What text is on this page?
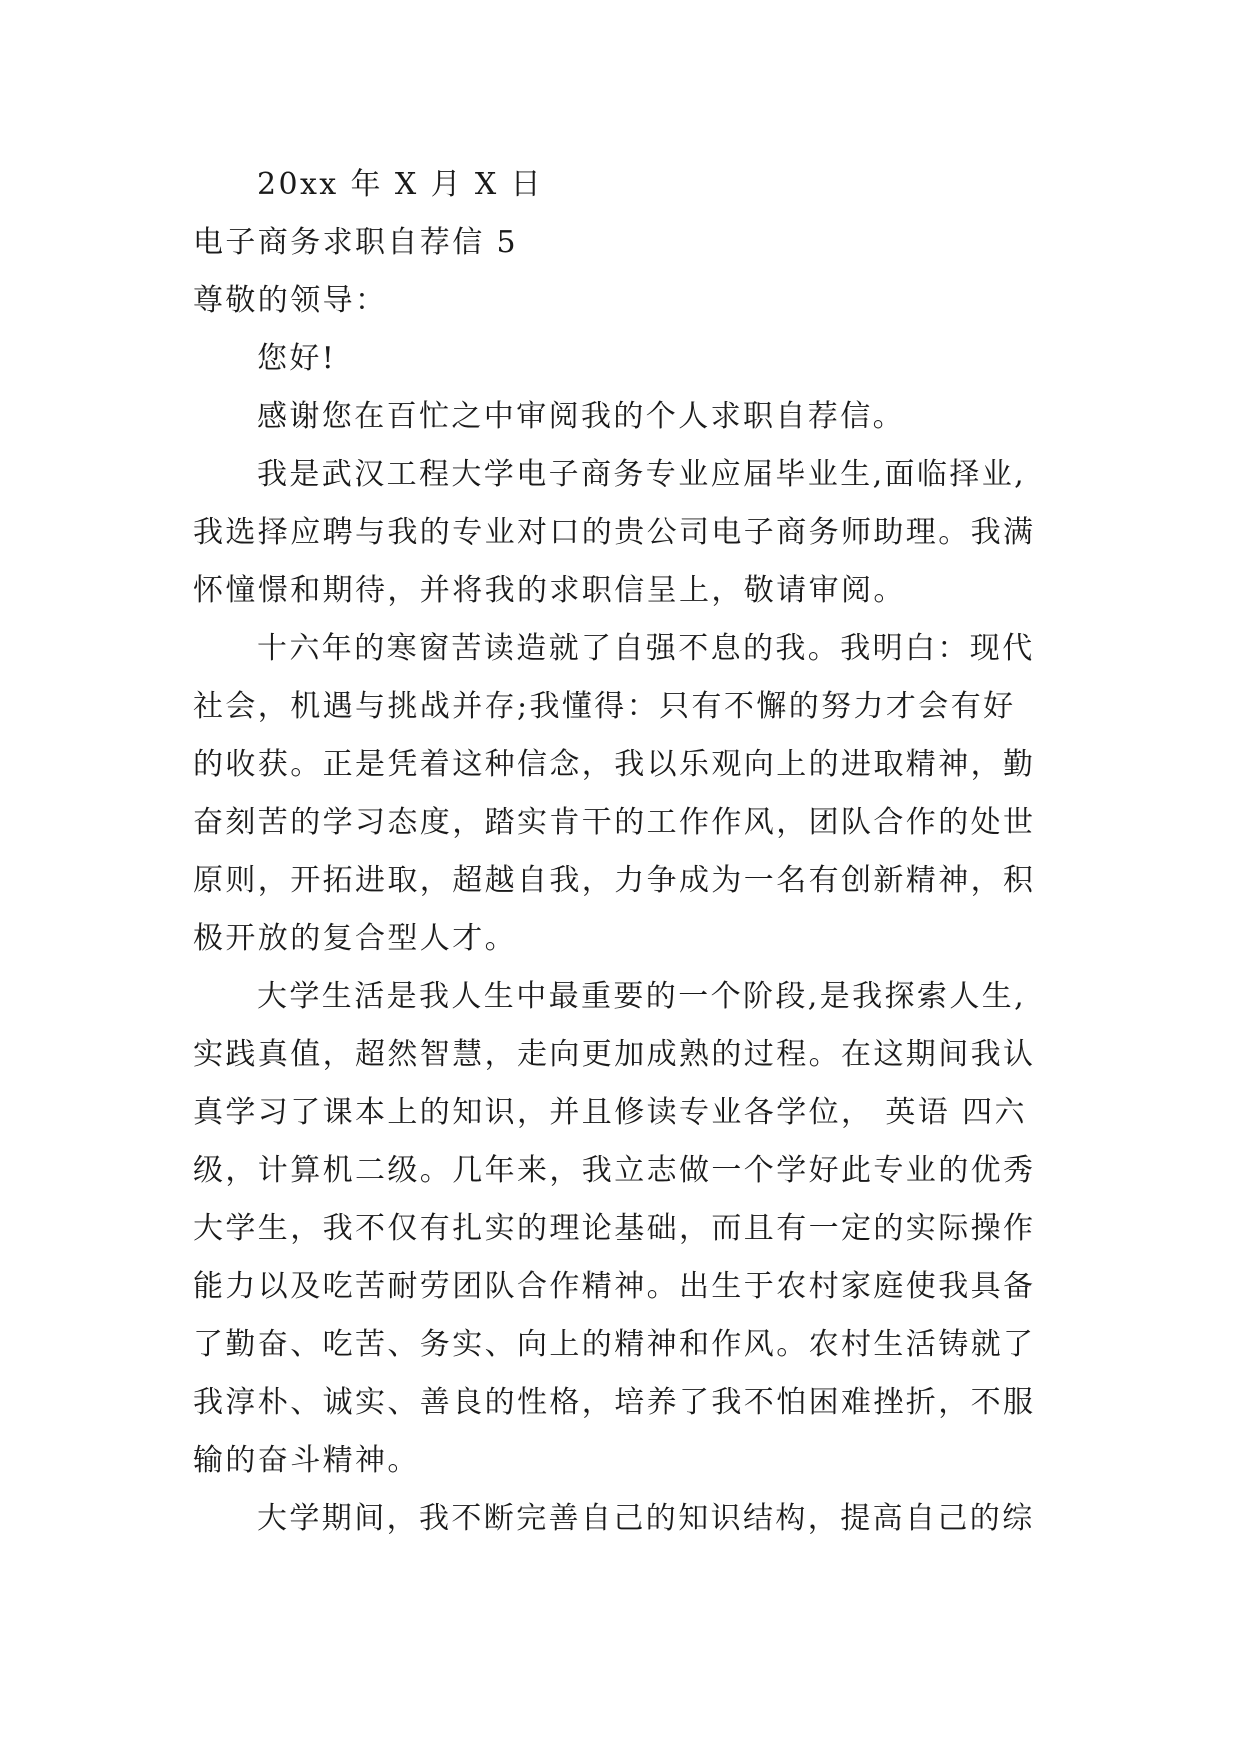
20xx 年 X 月 X 日
电子商务求职自荐信 5
尊敬的领导：
您好!
感谢您在百忙之中审阅我的个人求职自荐信。
我是武汉工程大学电子商务专业应届毕业生,面临择业,
我选择应聘与我的专业对口的贵公司电子商务师助理。我满
怀憧憬和期待，并将我的求职信呈上，敬请审阅。
十六年的寒窗苦读造就了自强不息的我。我明白：现代
社会，机遇与挑战并存;我懂得：只有不懈的努力才会有好
的收获。正是凭着这种信念，我以乐观向上的进取精神，勤
奋刻苦的学习态度，踏实肯干的工作作风，团队合作的处世
原则，开拓进取，超越自我，力争成为一名有创新精神，积
极开放的复合型人才。
大学生活是我人生中最重要的一个阶段,是我探索人生,
实践真值，超然智慧，走向更加成熟的过程。在这期间我认
真学习了课本上的知识，并且修读专业各学位， 英语 四六
级，计算机二级。几年来，我立志做一个学好此专业的优秀
大学生，我不仅有扎实的理论基础，而且有一定的实际操作
能力以及吃苦耐劳团队合作精神。出生于农村家庭使我具备
了勤奋、吃苦、务实、向上的精神和作风。农村生活铸就了
我淳朴、诚实、善良的性格，培养了我不怕困难挫折，不服
输的奋斗精神。
大学期间，我不断完善自己的知识结构，提高自己的综
